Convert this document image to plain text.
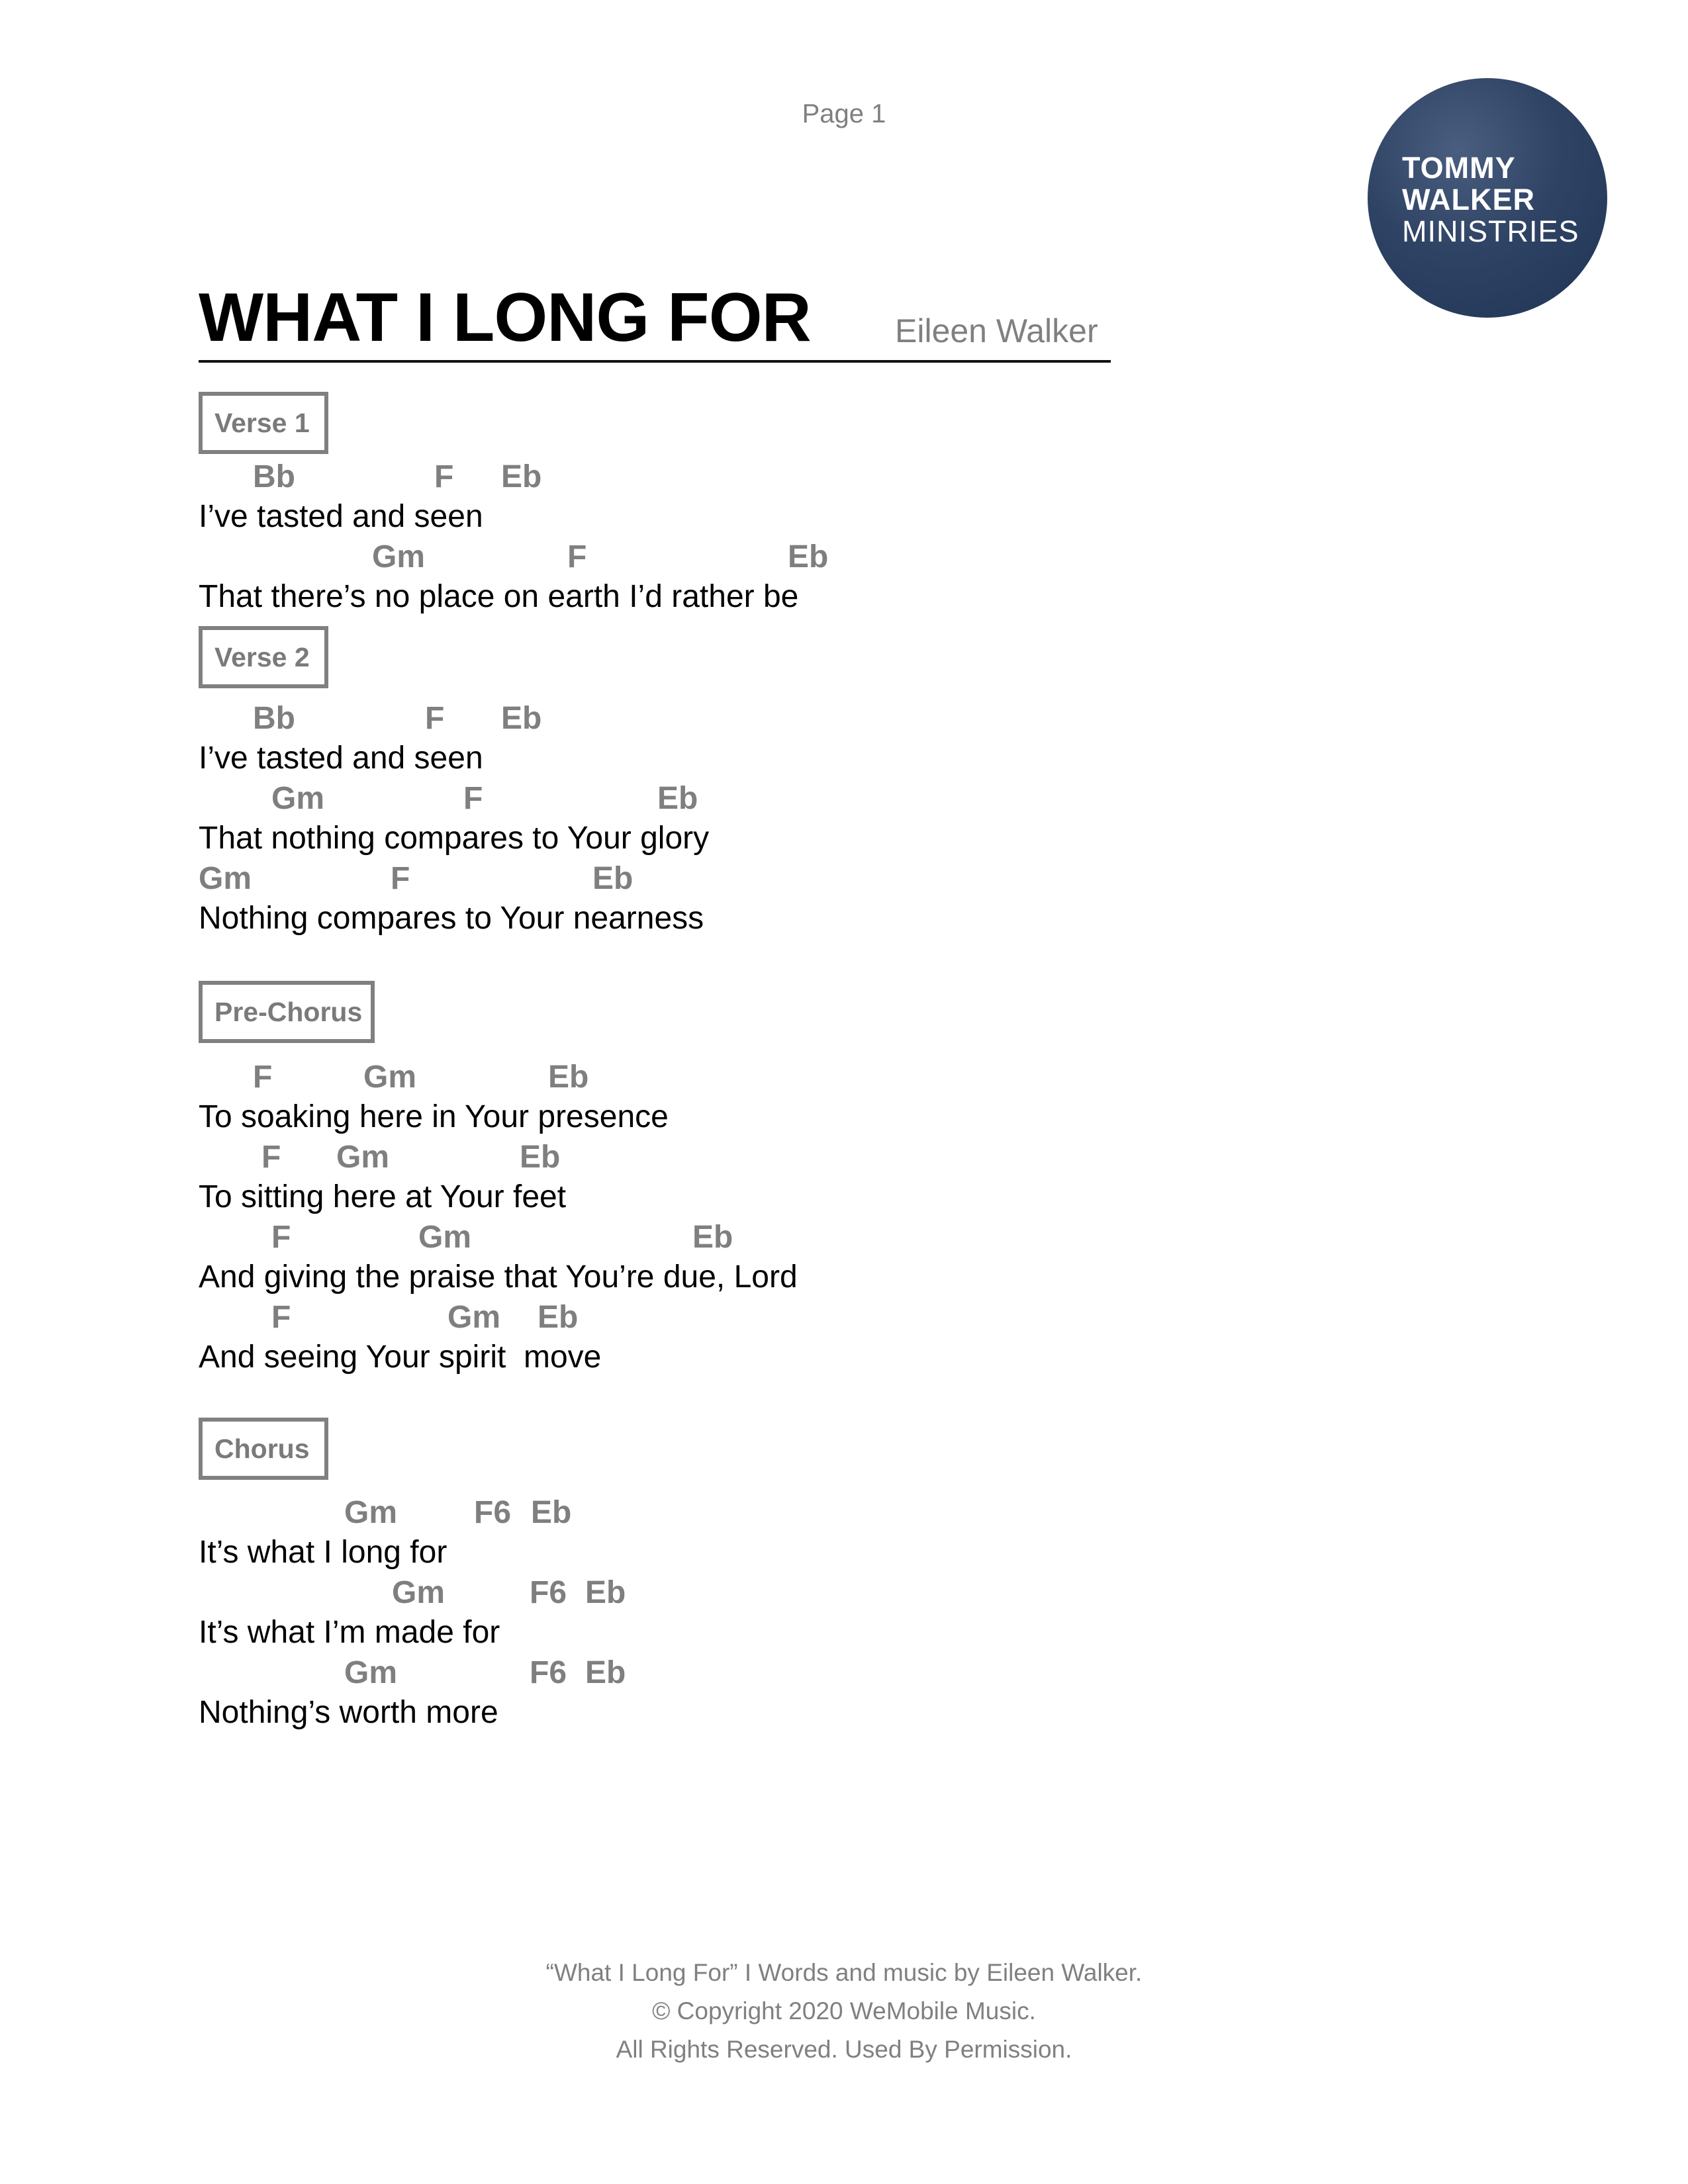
Page 1
TOMMY
WALKER
MINISTRIES
WHAT I LONG FOR	Eileen Walker
Verse 1
Bb	F Eb
I’ve tasted and seen
Gm	F	Eb
That there’s no place on earth I’d rather be
Verse 2
Bb	F Eb
I’ve tasted and seen
Gm	F	Eb
That nothing compares to Your glory
Gm	F	Eb
Nothing compares to Your nearness
Pre-Chorus
F	Gm	Eb
To soaking here in Your presence
F Gm	Eb
To sitting here at Your feet
F	Gm	Eb
And giving the praise that You’re due, Lord
F	Gm Eb
And seeing Your spirit  move
Chorus
Gm F6 Eb
It’s what I long for
Gm	F6 Eb
It’s what I’m made for
Gm	F6 Eb
Nothing’s worth more
“What I Long For” I Words and music by Eileen Walker.
© Copyright 2020 WeMobile Music.
All Rights Reserved. Used By Permission.
